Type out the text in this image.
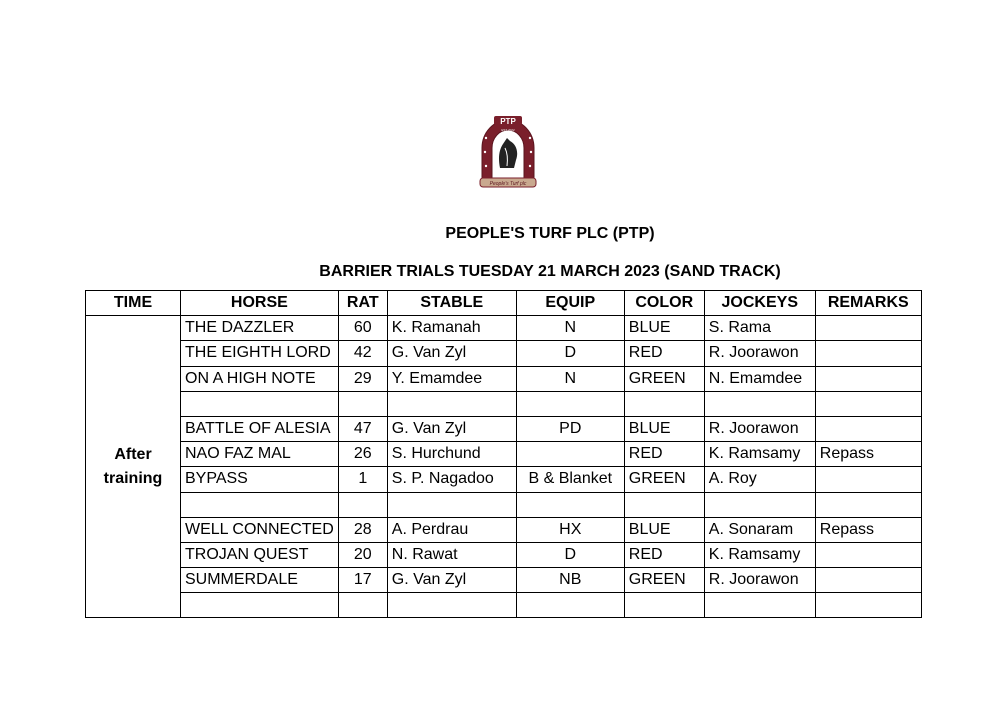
PTP
EST 2022
People's Turf plc
PEOPLE'S TURF PLC (PTP)
BARRIER TRIALS TUESDAY 21 MARCH 2023 (SAND TRACK)
TIME	HORSE	RAT	STABLE	EQUIP	COLOR	JOCKEYS	REMARKS
After training	THE DAZZLER	60	K. Ramanah	N	BLUE	S. Rama	
	THE EIGHTH LORD	42	G. Van Zyl	D	RED	R. Joorawon	
	ON A HIGH NOTE	29	Y. Emamdee	N	GREEN	N. Emamdee	

	BATTLE OF ALESIA	47	G. Van Zyl	PD	BLUE	R. Joorawon	
	NAO FAZ MAL	26	S. Hurchund		RED	K. Ramsamy	Repass
	BYPASS	1	S. P. Nagadoo	B & Blanket	GREEN	A. Roy	

	WELL CONNECTED	28	A. Perdrau	HX	BLUE	A. Sonaram	Repass
	TROJAN QUEST	20	N. Rawat	D	RED	K. Ramsamy	
	SUMMERDALE	17	G. Van Zyl	NB	GREEN	R. Joorawon	
